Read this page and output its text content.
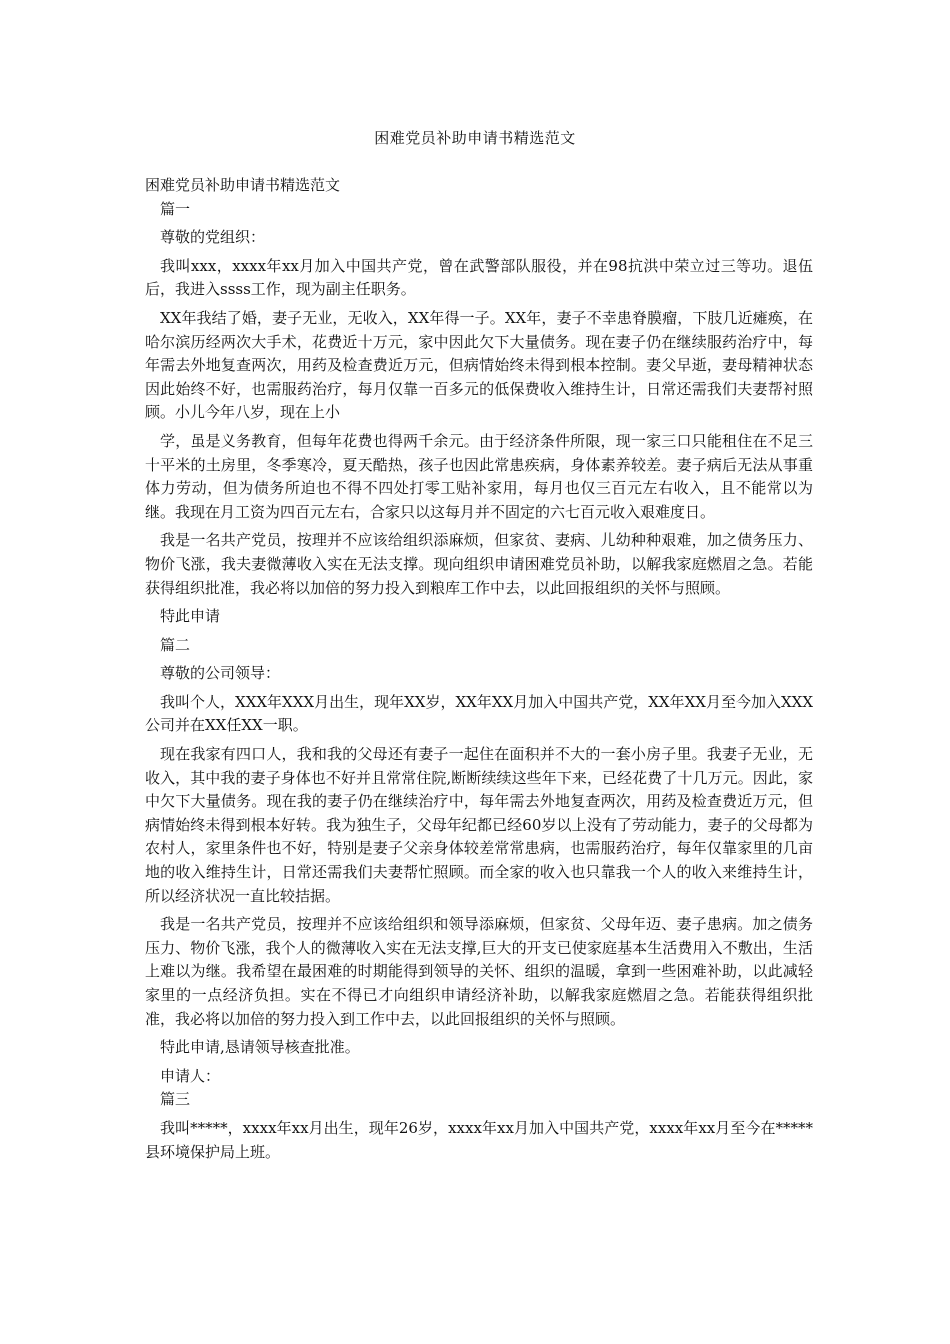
困难党员补助申请书精选范文
困难党员补助申请书精选范文
篇一
尊敬的党组织：

我叫xxx，xxxx年xx月加入中国共产党，曾在武警部队服役，并在98抗洪中荣立过三等功。退伍后，我进入ssss工作，现为副主任职务。

XX年我结了婚，妻子无业，无收入，XX年得一子。XX年，妻子不幸患脊膜瘤，下肢几近瘫痪，在哈尔滨历经两次大手术，花费近十万元，家中因此欠下大量债务。现在妻子仍在继续服药治疗中，每年需去外地复查两次，用药及检查费近万元，但病情始终未得到根本控制。妻父早逝，妻母精神状态因此始终不好，也需服药治疗，每月仅靠一百多元的低保费收入维持生计，日常还需我们夫妻帮衬照顾。小儿今年八岁，现在上小

学，虽是义务教育，但每年花费也得两千余元。由于经济条件所限，现一家三口只能租住在不足三十平米的土房里，冬季寒冷，夏天酷热，孩子也因此常患疾病，身体素养较差。妻子病后无法从事重体力劳动，但为债务所迫也不得不四处打零工贴补家用，每月也仅三百元左右收入，且不能常以为继。我现在月工资为四百元左右，合家只以这每月并不固定的六七百元收入艰难度日。

我是一名共产党员，按理并不应该给组织添麻烦，但家贫、妻病、儿幼种种艰难，加之债务压力、物价飞涨，我夫妻微薄收入实在无法支撑。现向组织申请困难党员补助，以解我家庭燃眉之急。若能获得组织批准，我必将以加倍的努力投入到粮库工作中去，以此回报组织的关怀与照顾。

特此申请
篇二
尊敬的公司领导：

我叫个人，XXX年XXX月出生，现年XX岁，XX年XX月加入中国共产党，XX年XX月至今加入XXX公司并在XX任XX一职。

现在我家有四口人，我和我的父母还有妻子一起住在面积并不大的一套小房子里。我妻子无业，无收入，其中我的妻子身体也不好并且常常住院,断断续续这些年下来，已经花费了十几万元。因此，家中欠下大量债务。现在我的妻子仍在继续治疗中，每年需去外地复查两次，用药及检查费近万元，但病情始终未得到根本好转。我为独生子，父母年纪都已经60岁以上没有了劳动能力，妻子的父母都为农村人，家里条件也不好，特别是妻子父亲身体较差常常患病，也需服药治疗，每年仅靠家里的几亩地的收入维持生计，日常还需我们夫妻帮忙照顾。而全家的收入也只靠我一个人的收入来维持生计，所以经济状况一直比较拮据。

我是一名共产党员，按理并不应该给组织和领导添麻烦，但家贫、父母年迈、妻子患病。加之债务压力、物价飞涨，我个人的微薄收入实在无法支撑,巨大的开支已使家庭基本生活费用入不敷出，生活上难以为继。我希望在最困难的时期能得到领导的关怀、组织的温暖，拿到一些困难补助，以此减轻家里的一点经济负担。实在不得已才向组织申请经济补助，以解我家庭燃眉之急。若能获得组织批准，我必将以加倍的努力投入到工作中去，以此回报组织的关怀与照顾。

特此申请,恳请领导核查批准。
申请人：
篇三

我叫*****，xxxx年xx月出生，现年26岁，xxxx年xx月加入中国共产党，xxxx年xx月至今在*****县环境保护局上班。
